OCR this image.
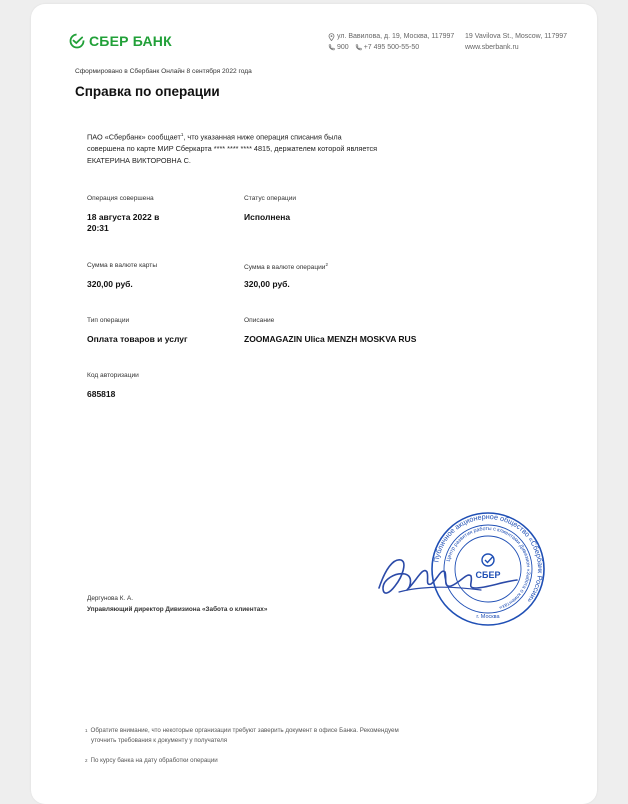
СБЕР БАНК	ул. Вавилова, д. 19, Москва, 117997
900 +7 495 500-55-50
19 Vavilova St., Moscow, 117997
www.sberbank.ru
Сформировано в Сбербанк Онлайн 8 сентября 2022 года
Справка по операции
ПАО «Сбербанк» сообщает$^1$, что указанная ниже операция списания была
совершена по карте МИР Сберкарта **** **** **** 4815, держателем которой является
ЕКАТЕРИНА ВИКТОРОВНА С.
Операция совершена
18 августа 2022 в
20:31
Статус операции
Исполнена
Сумма в валюте карты
320,00 руб.
Сумма в валюте операции$^2$
320,00 руб.
Тип операции
Оплата товаров и услуг
Описание
ZOOMAGAZIN Ulica MENZH MOSKVA RUS
Код авторизации
685818
Публичное акционерное общество «Сбербанк России»
Центр развития работы с клиентами Дивизион «Забота о клиентах»
СБЕР
г. Москва
Дергунова К. А.
Управляющий директор Дивизиона «Забота о клиентах»
$^1$ Обратите внимание, что некоторые организации требуют заверить документ в офисе Банка. Рекомендуем
уточнить требования к документу у получателя
$^2$ По курсу банка на дату обработки операции
